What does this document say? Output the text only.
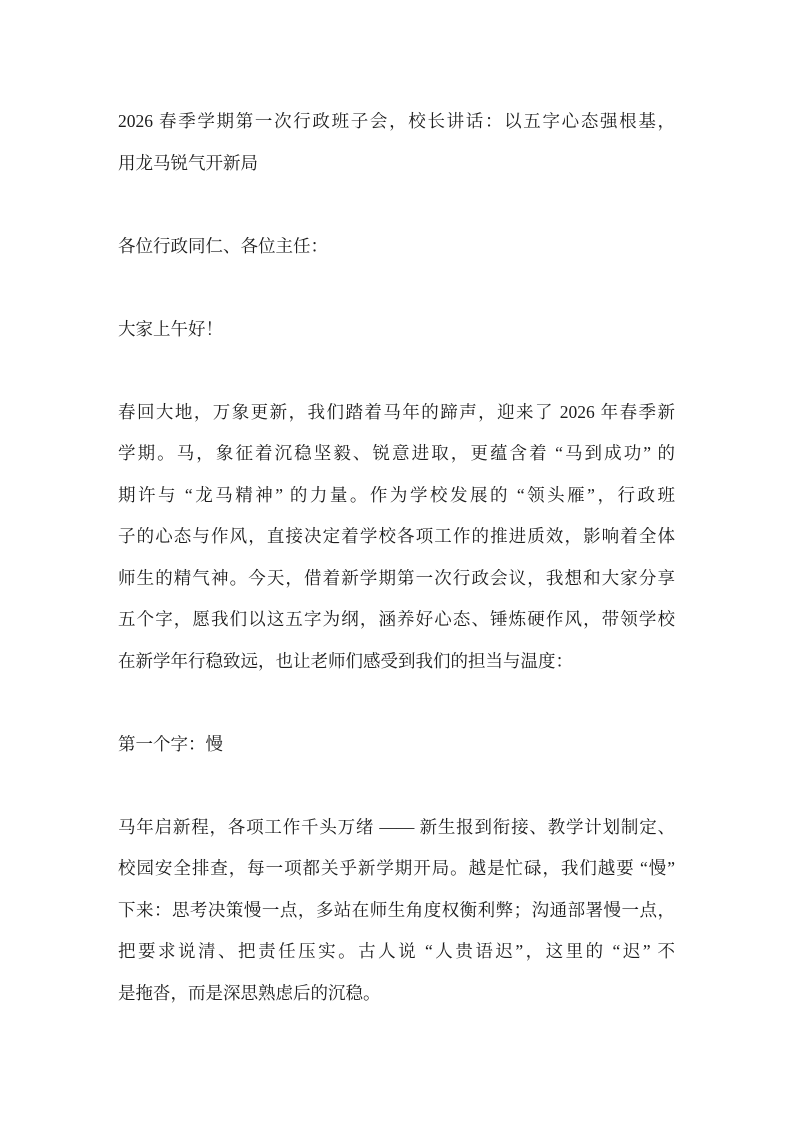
2026 春季学期第一次行政班子会，校长讲话：以五字心态强根基，
用龙马锐气开新局

各位行政同仁、各位主任：

大家上午好！

春回大地，万象更新，我们踏着马年的蹄声，迎来了 2026 年春季新
学期。马，象征着沉稳坚毅、锐意进取，更蕴含着 “马到成功” 的
期许与 “龙马精神” 的力量。作为学校发展的 “领头雁”，行政班
子的心态与作风，直接决定着学校各项工作的推进质效，影响着全体
师生的精气神。今天，借着新学期第一次行政会议，我想和大家分享
五个字，愿我们以这五字为纲，涵养好心态、锤炼硬作风，带领学校
在新学年行稳致远，也让老师们感受到我们的担当与温度：

第一个字：慢

马年启新程，各项工作千头万绪 —— 新生报到衔接、教学计划制定、
校园安全排查，每一项都关乎新学期开局。越是忙碌，我们越要 “慢”
下来：思考决策慢一点，多站在师生角度权衡利弊；沟通部署慢一点，
把要求说清、把责任压实。古人说 “人贵语迟”，这里的 “迟” 不
是拖沓，而是深思熟虑后的沉稳。
